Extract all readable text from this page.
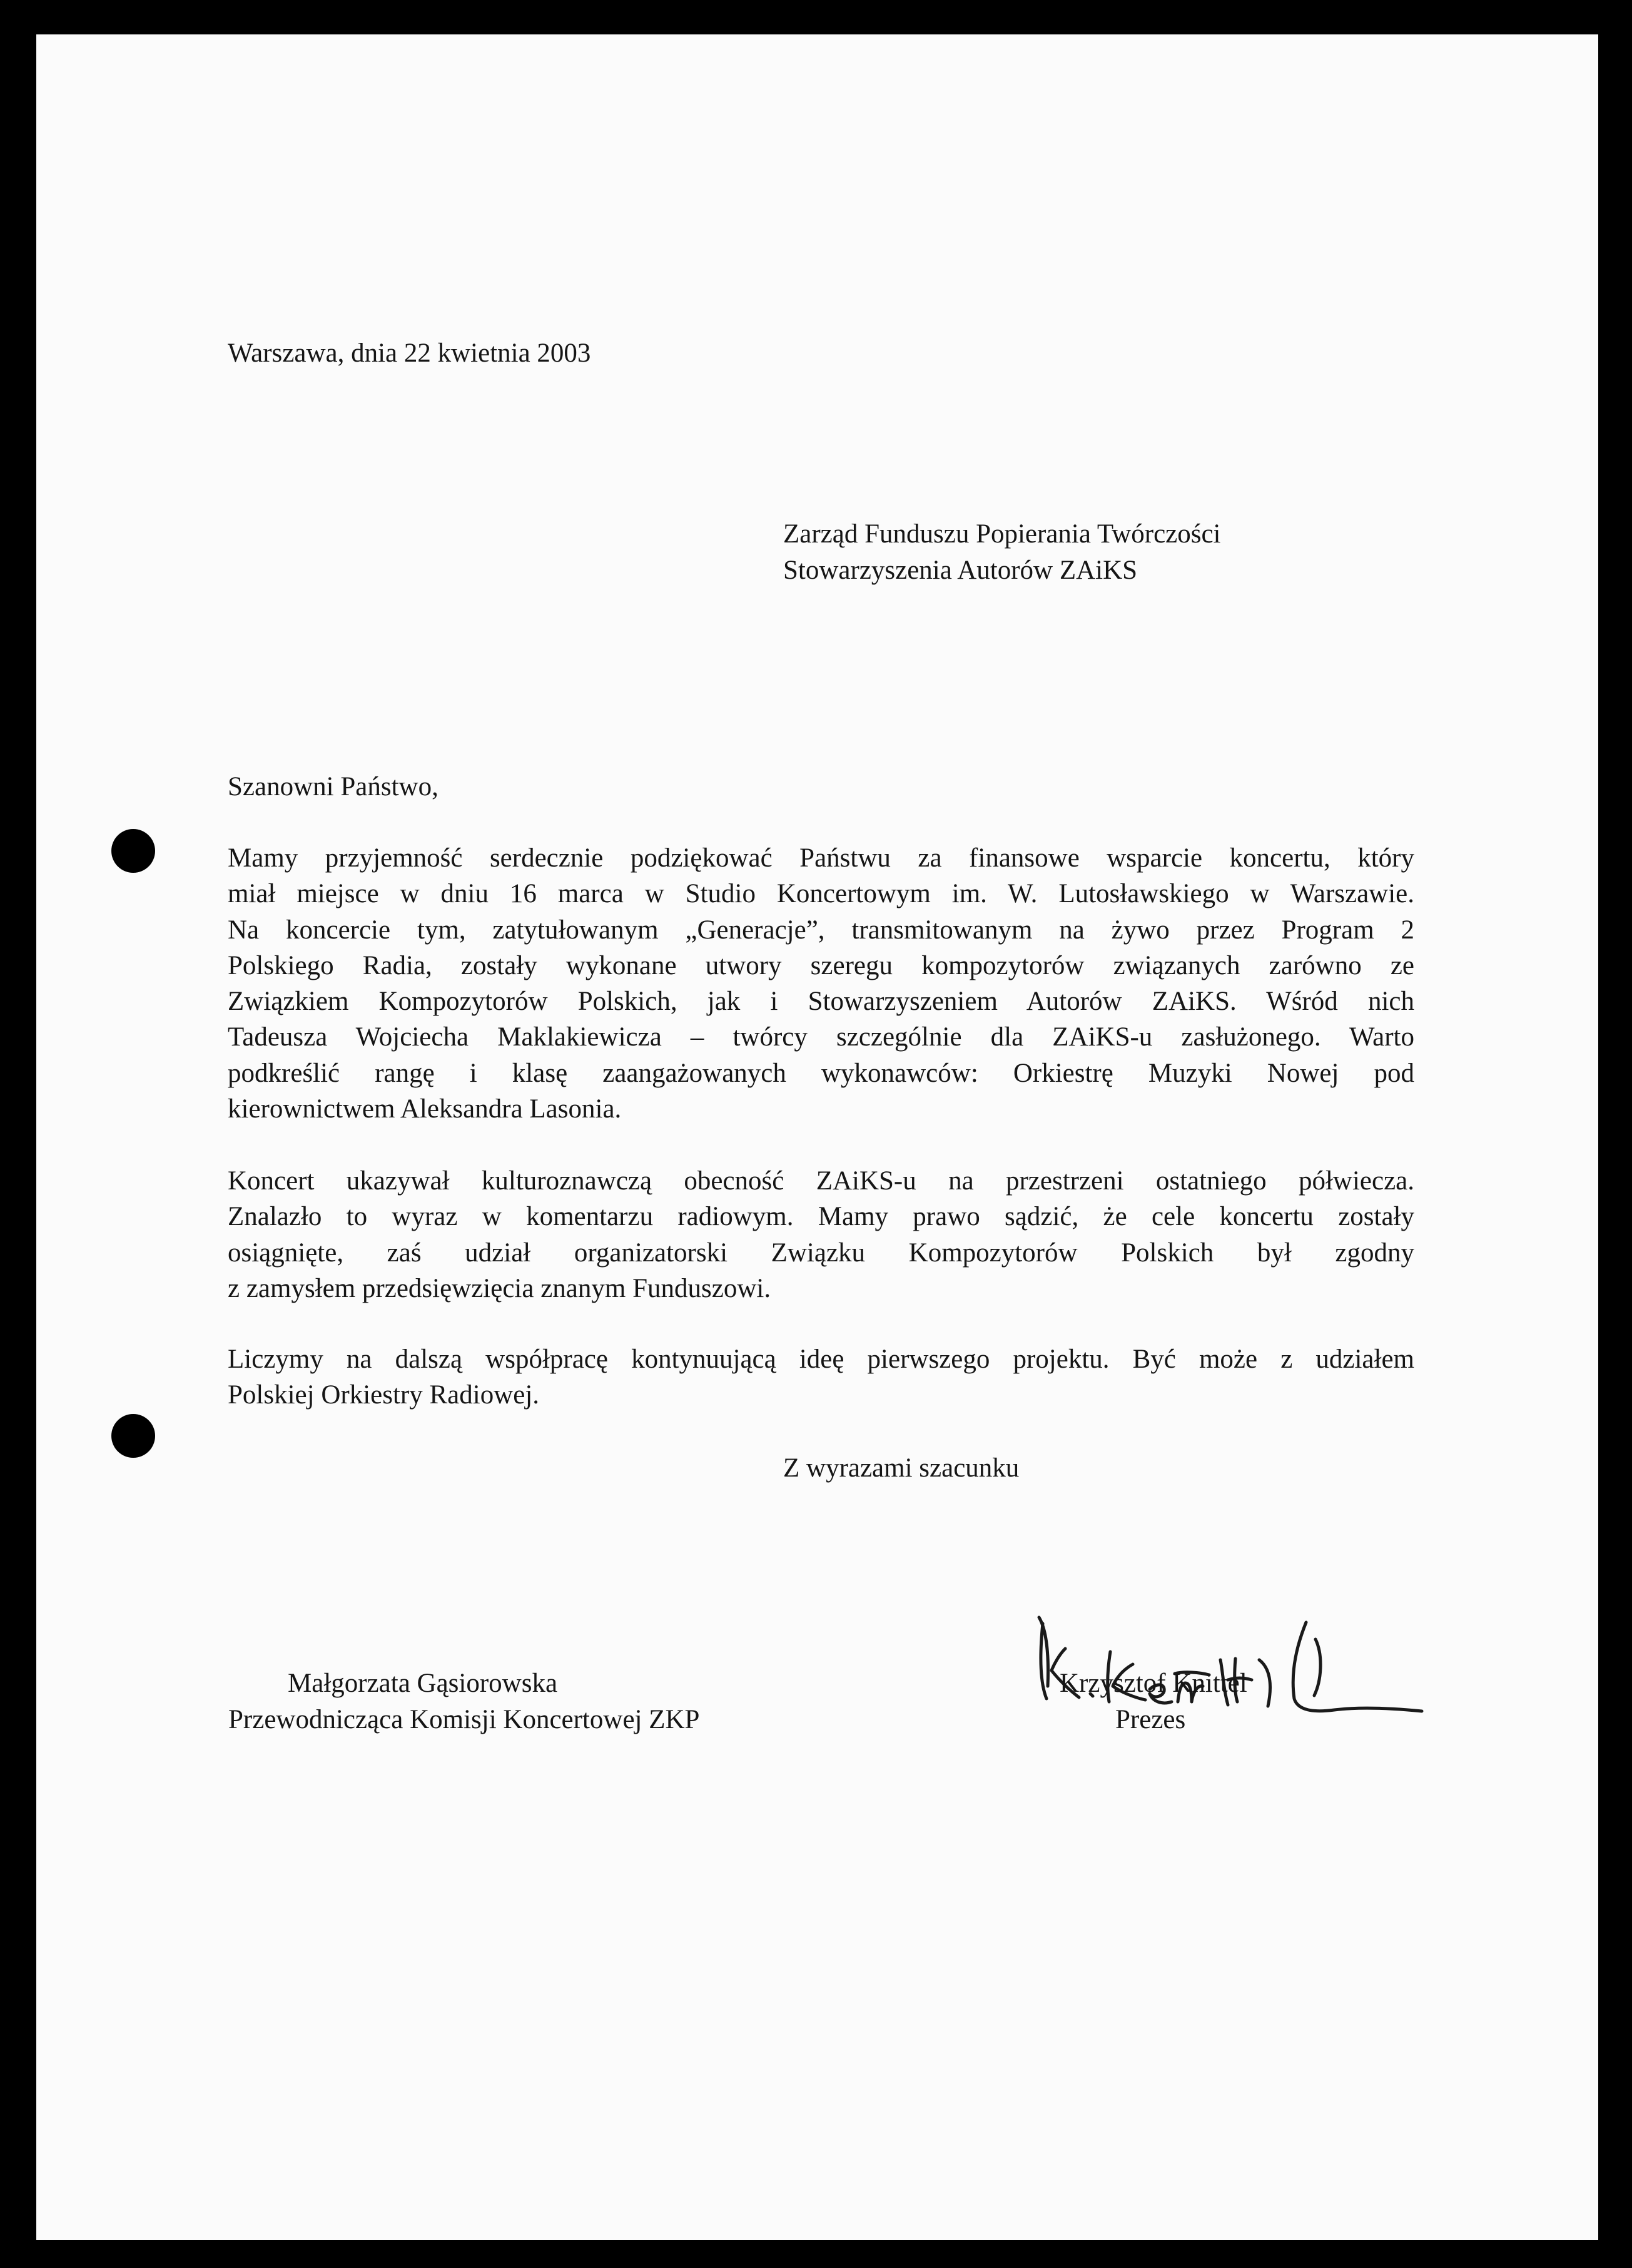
Warszawa, dnia 22 kwietnia 2003
Zarząd Funduszu Popierania Twórczości
Stowarzyszenia Autorów ZAiKS
Szanowni Państwo,
Mamy przyjemność serdecznie podziękować Państwu za finansowe wsparcie koncertu, który
miał miejsce w dniu 16 marca w Studio Koncertowym im. W. Lutosławskiego w Warszawie.
Na koncercie tym, zatytułowanym „Generacje”, transmitowanym na żywo przez Program 2
Polskiego Radia, zostały wykonane utwory szeregu kompozytorów związanych zarówno ze
Związkiem Kompozytorów Polskich, jak i Stowarzyszeniem Autorów ZAiKS. Wśród nich
Tadeusza Wojciecha Maklakiewicza – twórcy szczególnie dla ZAiKS-u zasłużonego. Warto
podkreślić rangę i klasę zaangażowanych wykonawców: Orkiestrę Muzyki Nowej pod
kierownictwem Aleksandra Lasonia.
Koncert ukazywał kulturoznawczą obecność ZAiKS-u na przestrzeni ostatniego półwiecza.
Znalazło to wyraz w komentarzu radiowym. Mamy prawo sądzić, że cele koncertu zostały
osiągnięte, zaś udział organizatorski Związku Kompozytorów Polskich był zgodny
z zamysłem przedsięwzięcia znanym Funduszowi.
Liczymy na dalszą współpracę kontynuującą ideę pierwszego projektu. Być może z udziałem
Polskiej Orkiestry Radiowej.
Z wyrazami szacunku
Małgorzata Gąsiorowska
Przewodnicząca Komisji Koncertowej ZKP
Krzysztof Knittel
Prezes
